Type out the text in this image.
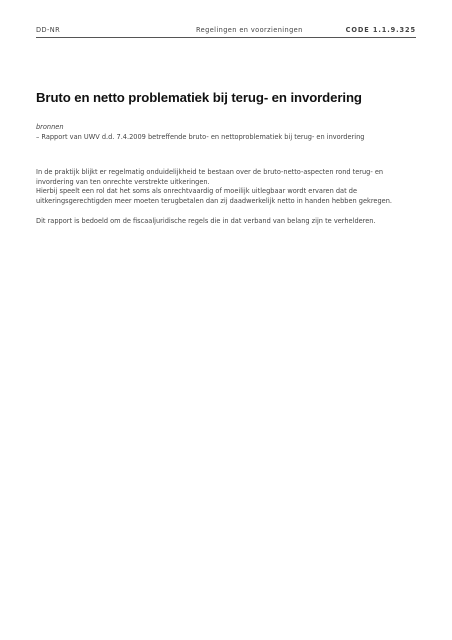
DD-NR	Regelingen en voorzieningen	CODE 1.1.9.325
Bruto en netto problematiek bij terug- en invordering
bronnen
– Rapport van UWV d.d. 7.4.2009 betreffende bruto- en nettoproblematiek bij terug- en invordering

In de praktijk blijkt er regelmatig onduidelijkheid te bestaan over de bruto-netto-aspecten rond terug- en invordering van ten onrechte verstrekte uitkeringen.

Hierbij speelt een rol dat het soms als onrechtvaardig of moeilijk uitlegbaar wordt ervaren dat de uitkeringsgerechtigden meer moeten terugbetalen dan zij daadwerkelijk netto in handen hebben gekregen.

Dit rapport is bedoeld om de fiscaaljuridische regels die in dat verband van belang zijn te verhelderen.
